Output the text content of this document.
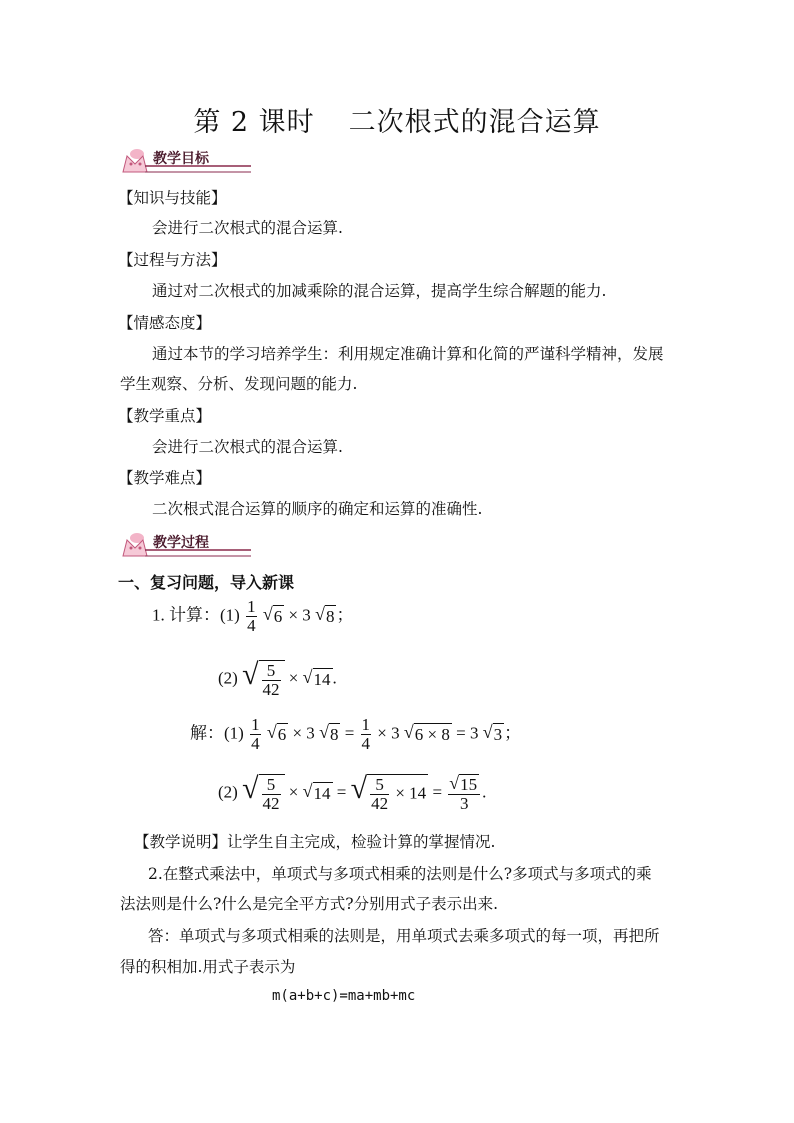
第 2 课时 二次根式的混合运算
教学目标
【知识与技能】
会进行二次根式的混合运算.
【过程与方法】
通过对二次根式的加减乘除的混合运算，提高学生综合解题的能力.
【情感态度】
通过本节的学习培养学生：利用规定准确计算和化简的严谨科学精神，发展
学生观察、分析、发现问题的能力.
【教学重点】
会进行二次根式的混合运算.
【教学难点】
二次根式混合运算的顺序的确定和运算的准确性.
教学过程
一、复习问题，导入新课
1. 计算：$(1) \frac{1}{4}$
√ 6 × 3 √ 8 ；
(2) √ $\frac{5}{42}$ × √ 14 .
解：$(1) \frac{1}{4}$
√ 6 × 3 √ $8 = \frac{1}{4} \times 3$ √ 6 × 8 = 3 √ 3 ；
(2) √ $\frac{5}{42}$ × √ 14 = √ $\frac{5}{42} \times 14 = \frac{√ 15}{3}$ .
【教学说明】让学生自主完成，检验计算的掌握情况.
2.在整式乘法中，单项式与多项式相乘的法则是什么?多项式与多项式的乘
法法则是什么?什么是完全平方式?分别用式子表示出来.
答：单项式与多项式相乘的法则是，用单项式去乘多项式的每一项，再把所
得的积相加.用式子表示为
m(a+b+c)=ma+mb+mc
